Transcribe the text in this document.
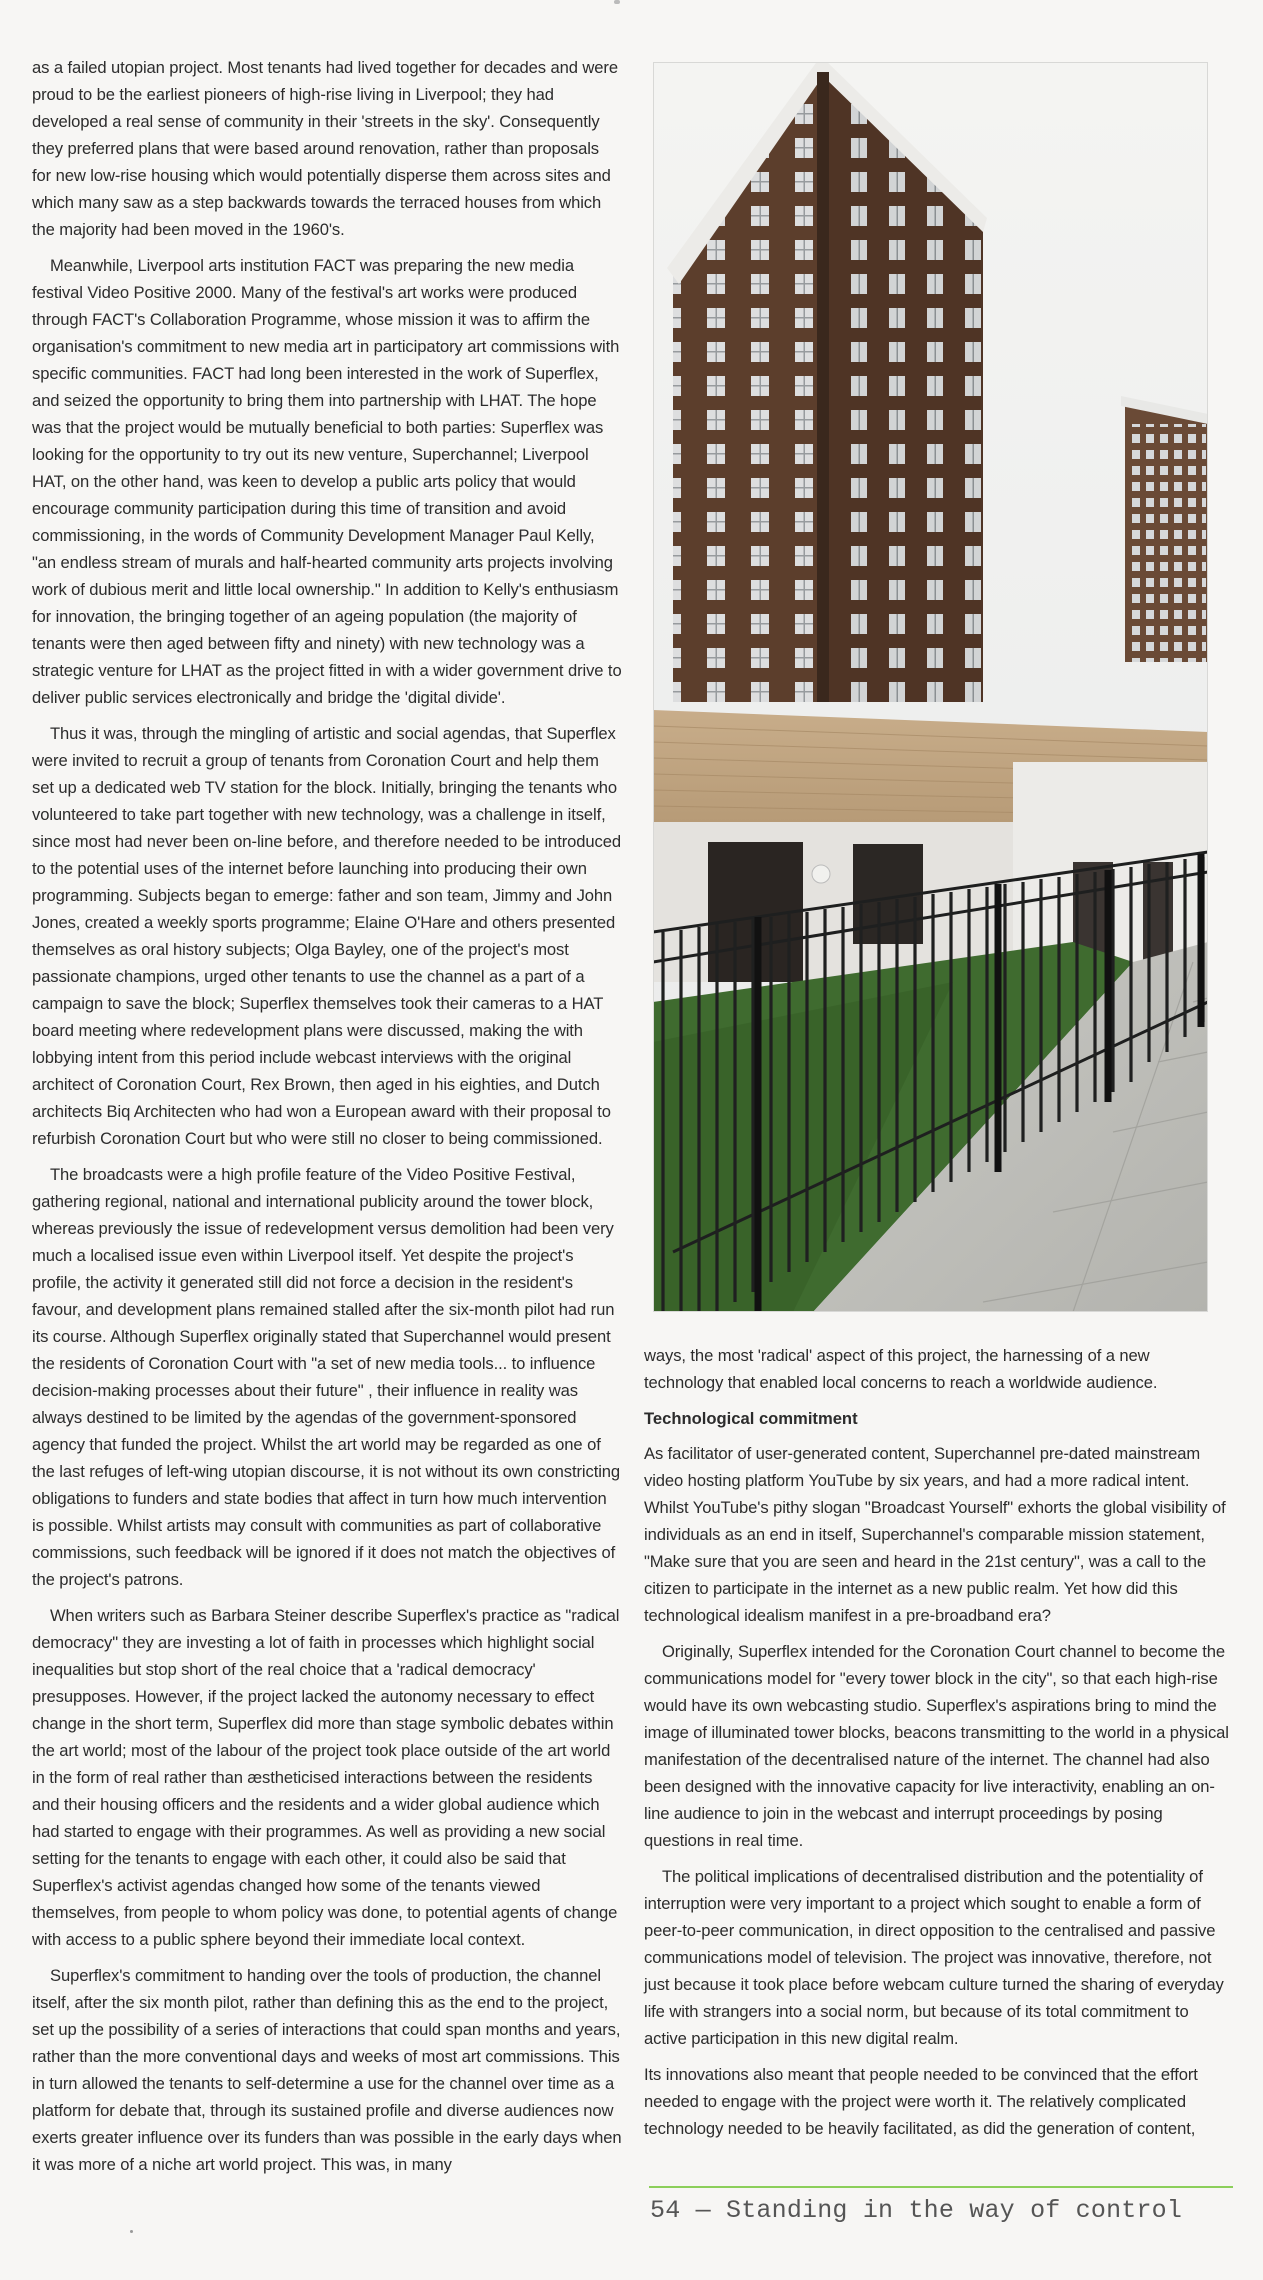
as a failed utopian project. Most tenants had lived together for decades and were proud to be the earliest pioneers of high-rise living in Liverpool; they had developed a real sense of community in their 'streets in the sky'. Consequently they preferred plans that were based around renovation, rather than proposals for new low-rise housing which would potentially disperse them across sites and which many saw as a step backwards towards the terraced houses from which the majority had been moved in the 1960's.

Meanwhile, Liverpool arts institution FACT was preparing the new media festival Video Positive 2000. Many of the festival's art works were produced through FACT's Collaboration Programme, whose mission it was to affirm the organisation's commitment to new media art in participatory art commissions with specific communities. FACT had long been interested in the work of Superflex, and seized the opportunity to bring them into partnership with LHAT. The hope was that the project would be mutually beneficial to both parties: Superflex was looking for the opportunity to try out its new venture, Superchannel; Liverpool HAT, on the other hand, was keen to develop a public arts policy that would encourage community participation during this time of transition and avoid commissioning, in the words of Community Development Manager Paul Kelly, "an endless stream of murals and half-hearted community arts projects involving work of dubious merit and little local ownership." In addition to Kelly's enthusiasm for innovation, the bringing together of an ageing population (the majority of tenants were then aged between fifty and ninety) with new technology was a strategic venture for LHAT as the project fitted in with a wider government drive to deliver public services electronically and bridge the 'digital divide'.

Thus it was, through the mingling of artistic and social agendas, that Superflex were invited to recruit a group of tenants from Coronation Court and help them set up a dedicated web TV station for the block. Initially, bringing the tenants who volunteered to take part together with new technology, was a challenge in itself, since most had never been on-line before, and therefore needed to be introduced to the potential uses of the internet before launching into producing their own programming. Subjects began to emerge: father and son team, Jimmy and John Jones, created a weekly sports programme; Elaine O'Hare and others presented themselves as oral history subjects; Olga Bayley, one of the project's most passionate champions, urged other tenants to use the channel as a part of a campaign to save the block; Superflex themselves took their cameras to a HAT board meeting where redevelopment plans were discussed, making the with lobbying intent from this period include webcast interviews with the original architect of Coronation Court, Rex Brown, then aged in his eighties, and Dutch architects Biq Architecten who had won a European award with their proposal to refurbish Coronation Court but who were still no closer to being commissioned.

The broadcasts were a high profile feature of the Video Positive Festival, gathering regional, national and international publicity around the tower block, whereas previously the issue of redevelopment versus demolition had been very much a localised issue even within Liverpool itself. Yet despite the project's profile, the activity it generated still did not force a decision in the resident's favour, and development plans remained stalled after the six-month pilot had run its course. Although Superflex originally stated that Superchannel would present the residents of Coronation Court with "a set of new media tools... to influence decision-making processes about their future" , their influence in reality was always destined to be limited by the agendas of the government-sponsored agency that funded the project. Whilst the art world may be regarded as one of the last refuges of left-wing utopian discourse, it is not without its own constricting obligations to funders and state bodies that affect in turn how much intervention is possible. Whilst artists may consult with communities as part of collaborative commissions, such feedback will be ignored if it does not match the objectives of the project's patrons.

When writers such as Barbara Steiner describe Superflex's practice as "radical democracy" they are investing a lot of faith in processes which highlight social inequalities but stop short of the real choice that a 'radical democracy' presupposes. However, if the project lacked the autonomy necessary to effect change in the short term, Superflex did more than stage symbolic debates within the art world; most of the labour of the project took place outside of the art world in the form of real rather than æstheticised interactions between the residents and their housing officers and the residents and a wider global audience which had started to engage with their programmes. As well as providing a new social setting for the tenants to engage with each other, it could also be said that Superflex's activist agendas changed how some of the tenants viewed themselves, from people to whom policy was done, to potential agents of change with access to a public sphere beyond their immediate local context.

Superflex's commitment to handing over the tools of production, the channel itself, after the six month pilot, rather than defining this as the end to the project, set up the possibility of a series of interactions that could span months and years, rather than the more conventional days and weeks of most art commissions. This in turn allowed the tenants to self-determine a use for the channel over time as a platform for debate that, through its sustained profile and diverse audiences now exerts greater influence over its funders than was possible in the early days when it was more of a niche art world project. This was, in many

ways, the most 'radical' aspect of this project, the harnessing of a new technology that enabled local concerns to reach a worldwide audience.

Technological commitment

As facilitator of user-generated content, Superchannel pre-dated mainstream video hosting platform YouTube by six years, and had a more radical intent. Whilst YouTube's pithy slogan "Broadcast Yourself" exhorts the global visibility of individuals as an end in itself, Superchannel's comparable mission statement, "Make sure that you are seen and heard in the 21st century", was a call to the citizen to participate in the internet as a new public realm. Yet how did this technological idealism manifest in a pre-broadband era?

Originally, Superflex intended for the Coronation Court channel to become the communications model for "every tower block in the city", so that each high-rise would have its own webcasting studio. Superflex's aspirations bring to mind the image of illuminated tower blocks, beacons transmitting to the world in a physical manifestation of the decentralised nature of the internet. The channel had also been designed with the innovative capacity for live interactivity, enabling an on-line audience to join in the webcast and interrupt proceedings by posing questions in real time.

The political implications of decentralised distribution and the potentiality of interruption were very important to a project which sought to enable a form of peer-to-peer communication, in direct opposition to the centralised and passive communications model of television. The project was innovative, therefore, not just because it took place before webcam culture turned the sharing of everyday life with strangers into a social norm, but because of its total commitment to active participation in this new digital realm.

Its innovations also meant that people needed to be convinced that the effort needed to engage with the project were worth it. The relatively complicated technology needed to be heavily facilitated, as did the generation of content,

54 — Standing in the way of control
